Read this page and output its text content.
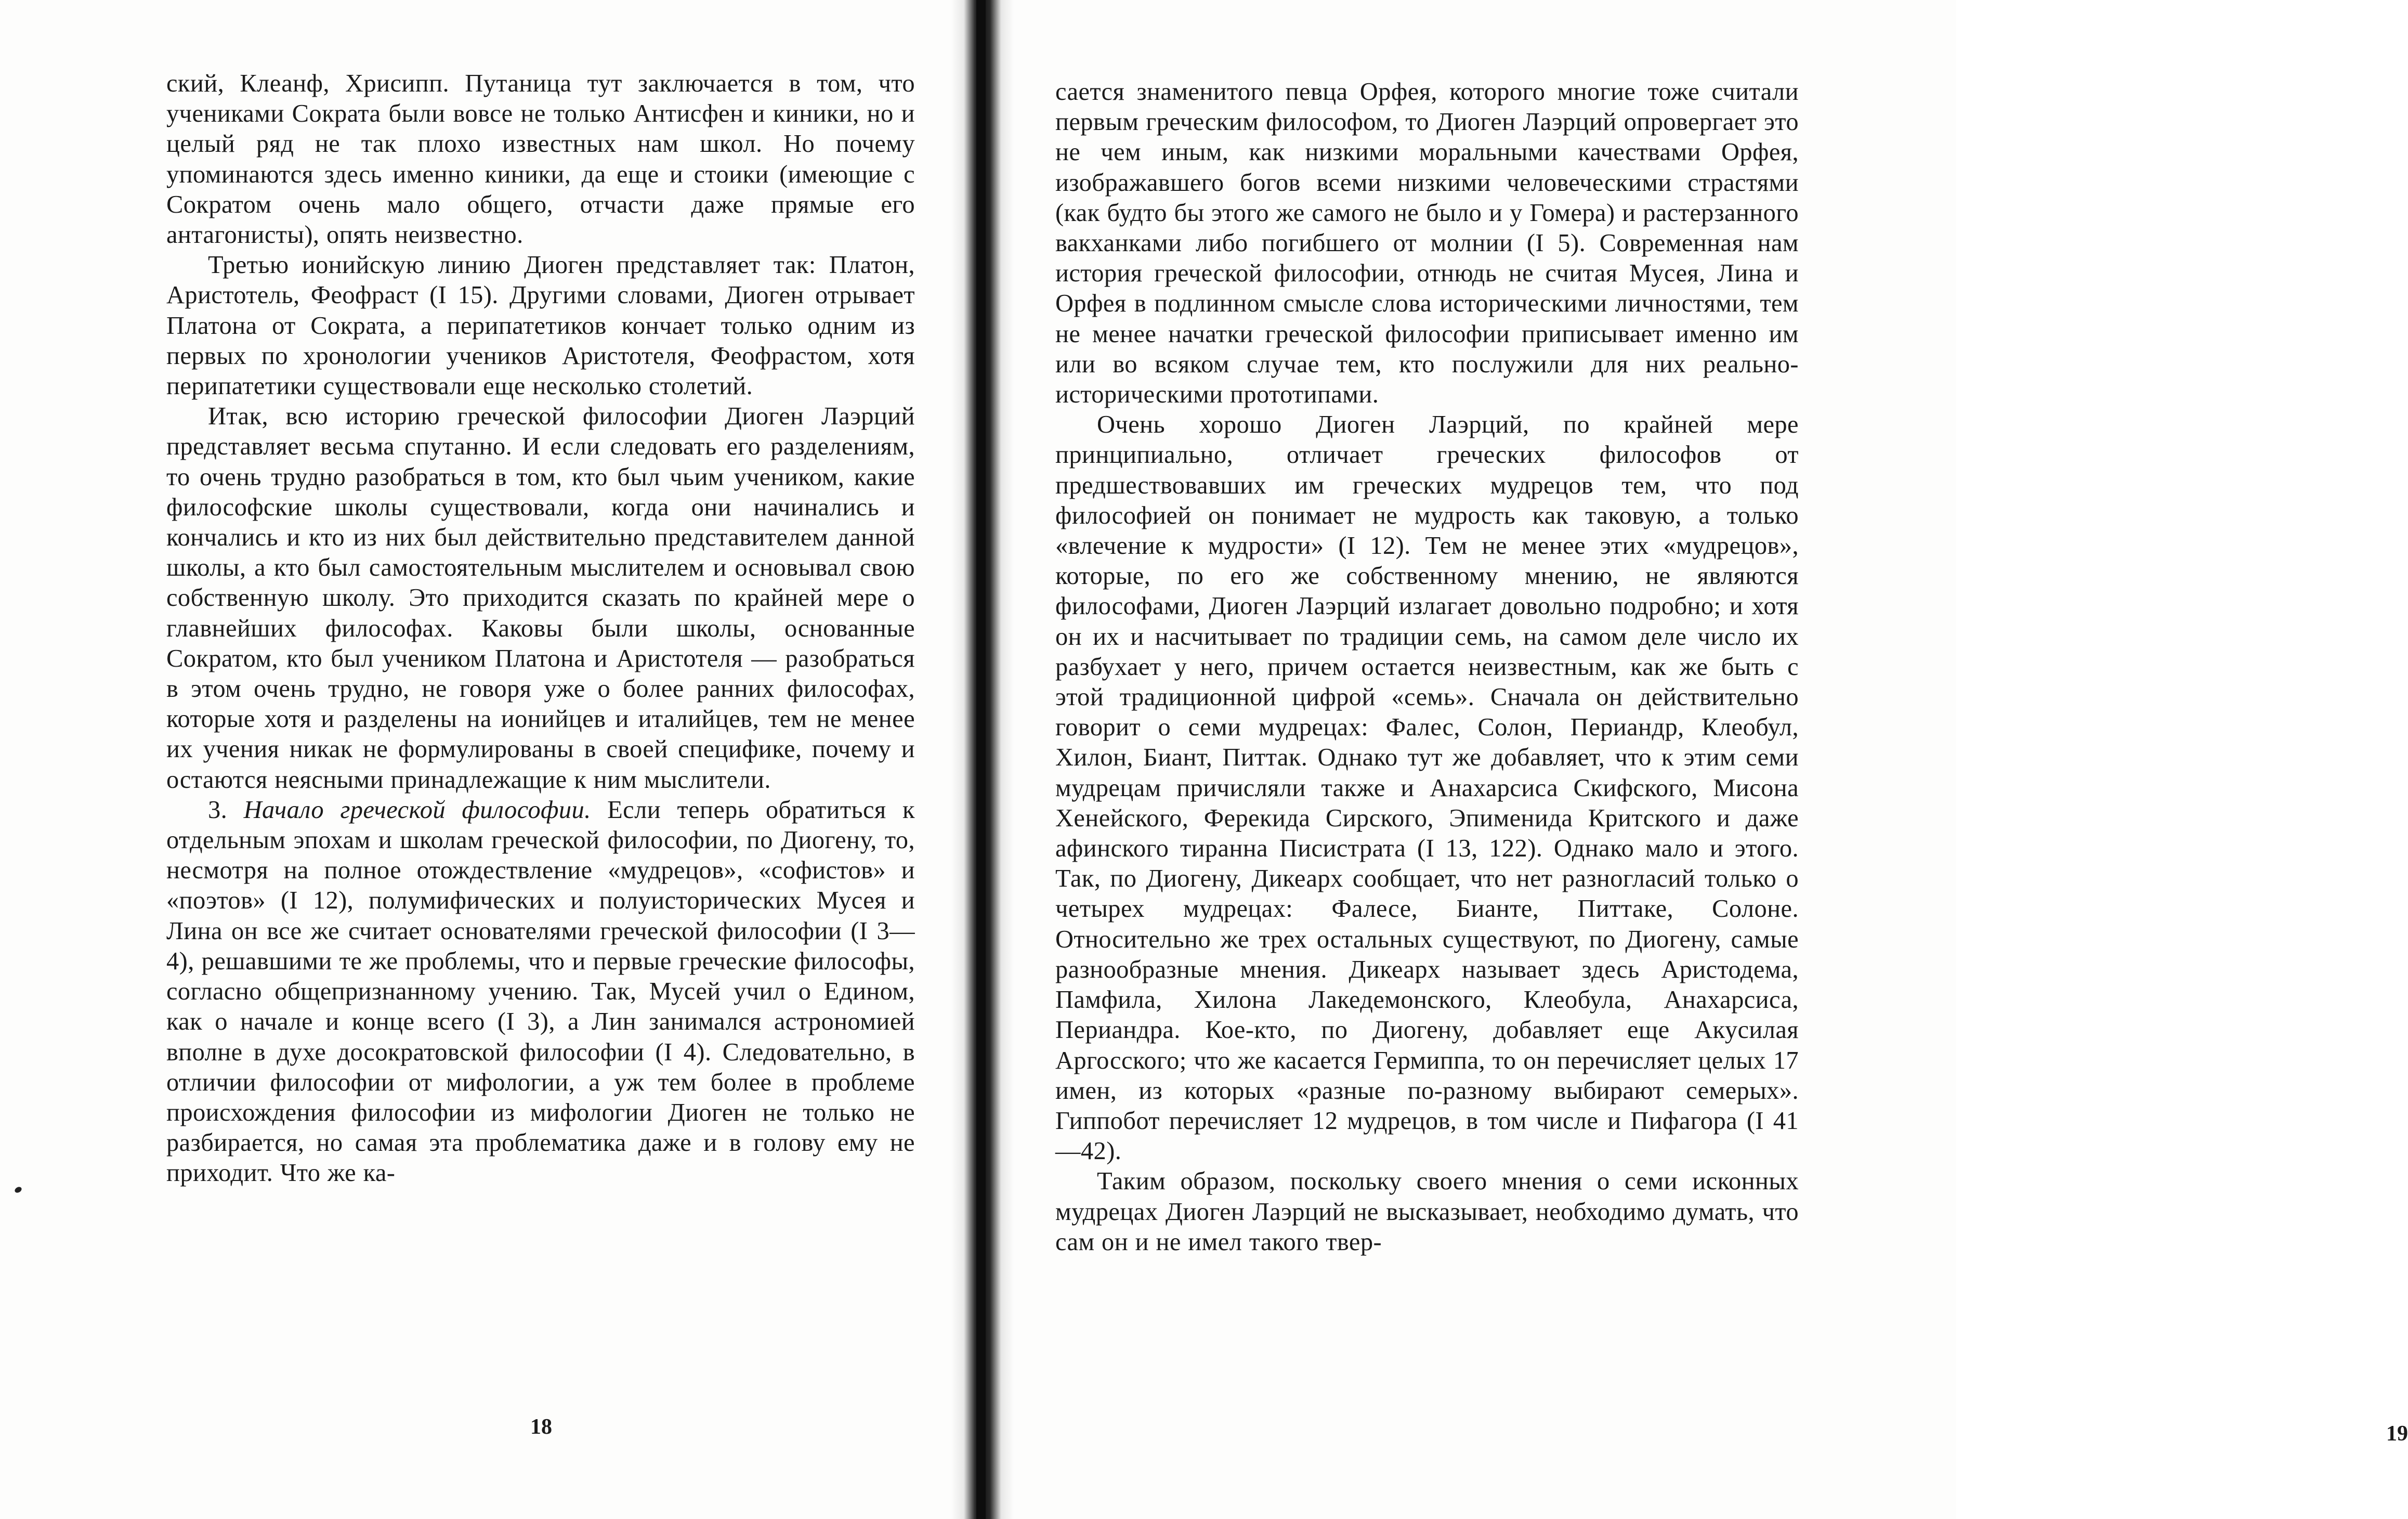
ский, Клеанф, Хрисипп. Путаница тут заключается в том, что учениками Сократа были вовсе не только Антисфен и киники, но и целый ряд не так плохо известных нам школ. Но почему упоминаются здесь именно киники, да еще и стоики (имеющие с Сократом очень мало общего, отчасти даже прямые его антагонисты), опять неизвестно.

Третью ионийскую линию Диоген представляет так: Платон, Аристотель, Феофраст (I 15). Другими словами, Диоген отрывает Платона от Сократа, а перипатетиков кончает только одним из первых по хронологии учеников Аристотеля, Феофрастом, хотя перипатетики существовали еще несколько столетий.

Итак, всю историю греческой философии Диоген Лаэрций представляет весьма спутанно. И если следовать его разделениям, то очень трудно разобраться в том, кто был чьим учеником, какие философские школы существовали, когда они начинались и кончались и кто из них был действительно представителем данной школы, а кто был самостоятельным мыслителем и основывал свою собственную школу. Это приходится сказать по крайней мере о главнейших философах. Каковы были школы, основанные Сократом, кто был учеником Платона и Аристотеля — разобраться в этом очень трудно, не говоря уже о более ранних философах, которые хотя и разделены на ионийцев и италийцев, тем не менее их учения никак не формулированы в своей специфике, почему и остаются неясными принадлежащие к ним мыслители.

3. Начало греческой философии. Если теперь обратиться к отдельным эпохам и школам греческой философии, по Диогену, то, несмотря на полное отождествление «мудрецов», «софистов» и «поэтов» (I 12), полумифических и полуисторических Мусея и Лина он все же считает основателями греческой философии (I 3—4), решавшими те же проблемы, что и первые греческие философы, согласно общепризнанному учению. Так, Мусей учил о Едином, как о начале и конце всего (I 3), а Лин занимался астрономией вполне в духе досократовской философии (I 4). Следовательно, в отличии философии от мифологии, а уж тем более в проблеме происхождения философии из мифологии Диоген не только не разбирается, но самая эта проблематика даже и в голову ему не приходит. Что же ка-

18	19

сается знаменитого певца Орфея, которого многие тоже считали первым греческим философом, то Диоген Лаэрций опровергает это не чем иным, как низкими моральными качествами Орфея, изображавшего богов всеми низкими человеческими страстями (как будто бы этого же самого не было и у Гомера) и растерзанного вакханками либо погибшего от молнии (I 5). Современная нам история греческой философии, отнюдь не считая Мусея, Лина и Орфея в подлинном смысле слова историческими личностями, тем не менее начатки греческой философии приписывает именно им или во всяком случае тем, кто послужили для них реально-историческими прототипами.

Очень хорошо Диоген Лаэрций, по крайней мере принципиально, отличает греческих философов от предшествовавших им греческих мудрецов тем, что под философией он понимает не мудрость как таковую, а только «влечение к мудрости» (I 12). Тем не менее этих «мудрецов», которые, по его же собственному мнению, не являются философами, Диоген Лаэрций излагает довольно подробно; и хотя он их и насчитывает по традиции семь, на самом деле число их разбухает у него, причем остается неизвестным, как же быть с этой традиционной цифрой «семь». Сначала он действительно говорит о семи мудрецах: Фалес, Солон, Периандр, Клеобул, Хилон, Биант, Питтак. Однако тут же добавляет, что к этим семи мудрецам причисляли также и Анахарсиса Скифского, Мисона Хенейского, Ферекида Сирского, Эпименида Критского и даже афинского тиранна Писистрата (I 13, 122). Однако мало и этого. Так, по Диогену, Дикеарх сообщает, что нет разногласий только о четырех мудрецах: Фалесе, Бианте, Питтаке, Солоне. Относительно же трех остальных существуют, по Диогену, самые разнообразные мнения. Дикеарх называет здесь Аристодема, Памфила, Хилона Лакедемонского, Клеобула, Анахарсиса, Периандра. Кое-кто, по Диогену, добавляет еще Акусилая Аргосского; что же касается Гермиппа, то он перечисляет целых 17 имен, из которых «разные по-разному выбирают семерых». Гиппобот перечисляет 12 мудрецов, в том числе и Пифагора (I 41—42).

Таким образом, поскольку своего мнения о семи исконных мудрецах Диоген Лаэрций не высказывает, необходимо думать, что сам он и не имел такого твер-
